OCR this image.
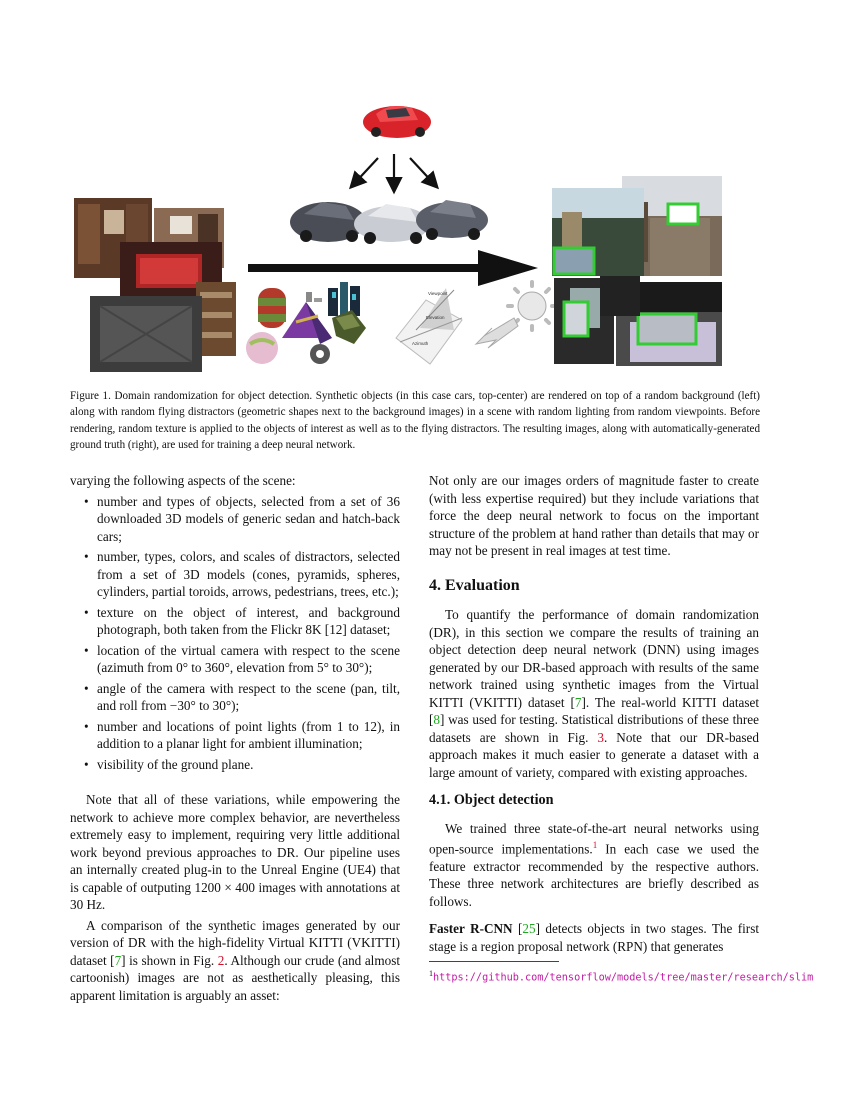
Viewpoint
Elevation
Azimuth
Figure 1. Domain randomization for object detection. Synthetic objects (in this case cars, top-center) are rendered on top of a random background (left) along with random flying distractors (geometric shapes next to the background images) in a scene with random lighting from random viewpoints. Before rendering, random texture is applied to the objects of interest as well as to the flying distractors. The resulting images, along with automatically-generated ground truth (right), are used for training a deep neural network.

varying the following aspects of the scene:

• number and types of objects, selected from a set of 36 downloaded 3D models of generic sedan and hatch-back cars;
• number, types, colors, and scales of distractors, selected from a set of 3D models (cones, pyramids, spheres, cylinders, partial toroids, arrows, pedestrians, trees, etc.);
• texture on the object of interest, and background photograph, both taken from the Flickr 8K [12] dataset;
• location of the virtual camera with respect to the scene (azimuth from 0° to 360°, elevation from 5° to 30°);
• angle of the camera with respect to the scene (pan, tilt, and roll from −30° to 30°);
• number and locations of point lights (from 1 to 12), in addition to a planar light for ambient illumination;
• visibility of the ground plane.

Note that all of these variations, while empowering the network to achieve more complex behavior, are nevertheless extremely easy to implement, requiring very little additional work beyond previous approaches to DR. Our pipeline uses an internally created plug-in to the Unreal Engine (UE4) that is capable of outputing 1200 × 400 images with annotations at 30 Hz.

A comparison of the synthetic images generated by our version of DR with the high-fidelity Virtual KITTI (VKITTI) dataset [7] is shown in Fig. 2. Although our crude (and almost cartoonish) images are not as aesthetically pleasing, this apparent limitation is arguably an asset:

Not only are our images orders of magnitude faster to create (with less expertise required) but they include variations that force the deep neural network to focus on the important structure of the problem at hand rather than details that may or may not be present in real images at test time.

4. Evaluation

To quantify the performance of domain randomization (DR), in this section we compare the results of training an object detection deep neural network (DNN) using images generated by our DR-based approach with results of the same network trained using synthetic images from the Virtual KITTI (VKITTI) dataset [7]. The real-world KITTI dataset [8] was used for testing. Statistical distributions of these three datasets are shown in Fig. 3. Note that our DR-based approach makes it much easier to generate a dataset with a large amount of variety, compared with existing approaches.

4.1. Object detection

We trained three state-of-the-art neural networks using open-source implementations.$^1$ In each case we used the feature extractor recommended by the respective authors. These three network architectures are briefly described as follows.

Faster R-CNN [25] detects objects in two stages. The first stage is a region proposal network (RPN) that generates

$^1$https://github.com/tensorflow/models/tree/master/research/slim
